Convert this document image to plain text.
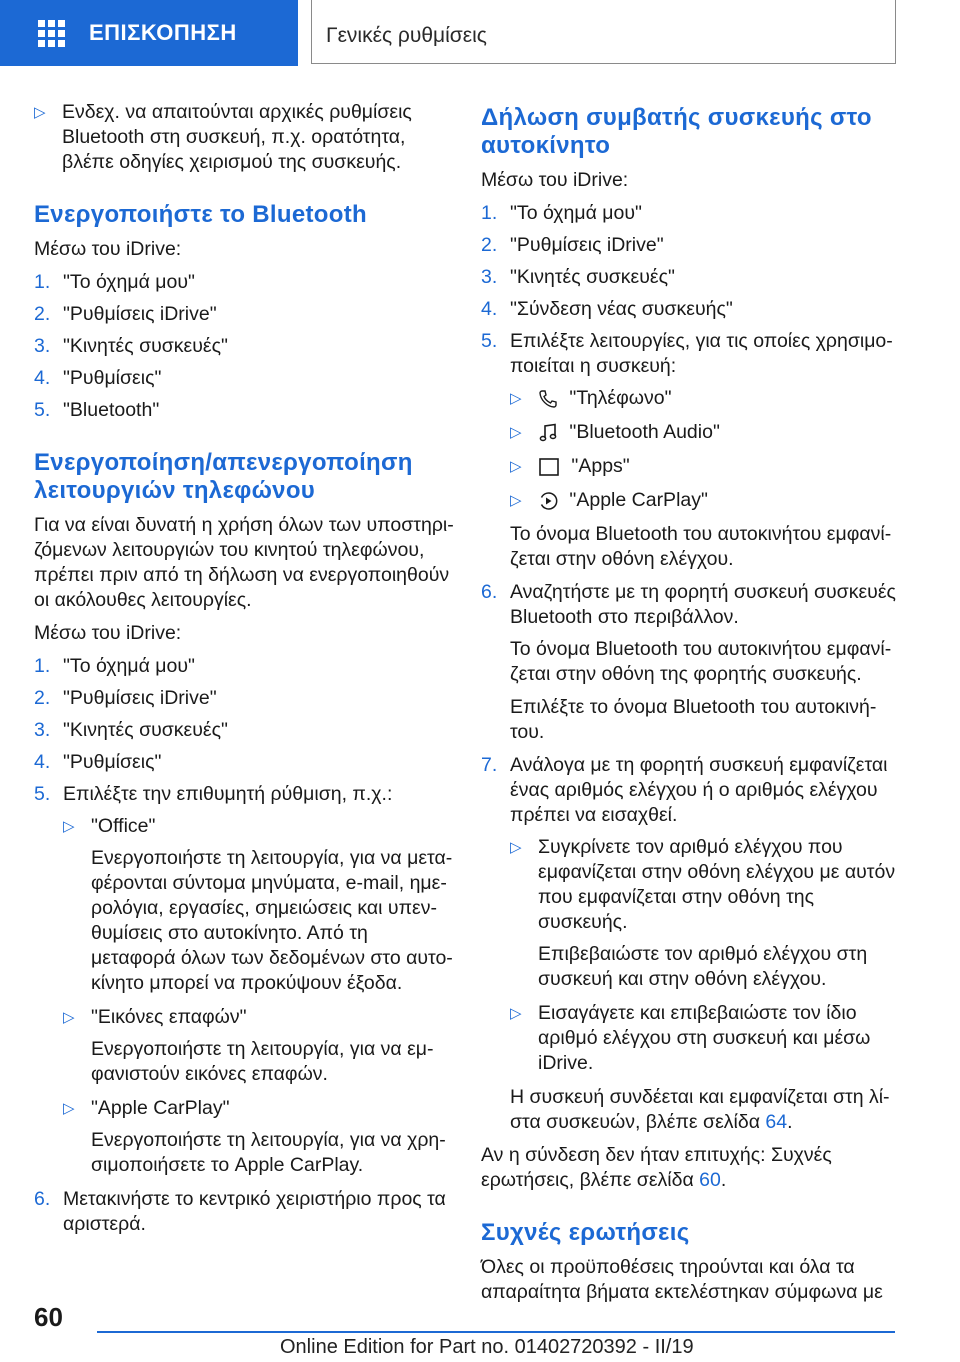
ΕΠΙΣΚΟΠΗΣΗ	Γενικές ρυθμίσεις
▷ Ενδεχ. να απαιτούνται αρχικές ρυθμίσεις Bluetooth στη συσκευή, π.χ. ορατότητα, βλέπε οδηγίες χειρισμού της συσκευής.
Ενεργοποιήστε το Bluetooth

Μέσω του iDrive:

1. "Το όχημά μου"
2. "Ρυθμίσεις iDrive"
3. "Κινητές συσκευές"
4. "Ρυθμίσεις"
5. "Bluetooth"
Ενεργοποίηση/απενεργοποίηση λειτουργιών τηλεφώνου

Για να είναι δυνατή η χρήση όλων των υποστηριζόμενων λειτουργιών του κινητού τηλεφώνου, πρέπει πριν από τη δήλωση να ενεργοποιηθούν οι ακόλουθες λειτουργίες.

Μέσω του iDrive:

1. "Το όχημά μου"
2. "Ρυθμίσεις iDrive"
3. "Κινητές συσκευές"
4. "Ρυθμίσεις"
5. Επιλέξτε την επιθυμητή ρύθμιση, π.χ.:
▷ "Office"

Ενεργοποιήστε τη λειτουργία, για να μεταφέρονται σύντομα μηνύματα, e-mail, ημερολόγια, εργασίες, σημειώσεις και υπενθυμίσεις στο αυτοκίνητο. Από τη μεταφορά όλων των δεδομένων στο αυτοκίνητο μπορεί να προκύψουν έξοδα.

▷ "Εικόνες επαφών"

Ενεργοποιήστε τη λειτουργία, για να εμφανιστούν εικόνες επαφών.

▷ "Apple CarPlay"

Ενεργοποιήστε τη λειτουργία, για να χρησιμοποιήσετε το Apple CarPlay.

6. Μετακινήστε το κεντρικό χειριστήριο προς τα αριστερά.
Δήλωση συμβατής συσκευής στο αυτοκίνητο

Μέσω του iDrive:

1. "Το όχημά μου"
2. "Ρυθμίσεις iDrive"
3. "Κινητές συσκευές"
4. "Σύνδεση νέας συσκευής"
5. Επιλέξτε λειτουργίες, για τις οποίες χρησιμοποιείται η συσκευή:
▷ "Τηλέφωνο"
▷ "Bluetooth Audio"
▷	"Apps"
▷ "Apple CarPlay"

Το όνομα Bluetooth του αυτοκινήτου εμφανίζεται στην οθόνη ελέγχου.

6. Αναζητήστε με τη φορητή συσκευή συσκευές Bluetooth στο περιβάλλον.

Το όνομα Bluetooth του αυτοκινήτου εμφανίζεται στην οθόνη της φορητής συσκευής.

Επιλέξτε το όνομα Bluetooth του αυτοκινήτου.

7. Ανάλογα με τη φορητή συσκευή εμφανίζεται ένας αριθμός ελέγχου ή ο αριθμός ελέγχου πρέπει να εισαχθεί.
▷ Συγκρίνετε τον αριθμό ελέγχου που εμφανίζεται στην οθόνη ελέγχου με αυτόν που εμφανίζεται στην οθόνη της συσκευής.

Επιβεβαιώστε τον αριθμό ελέγχου στη συσκευή και στην οθόνη ελέγχου.

▷ Εισαγάγετε και επιβεβαιώστε τον ίδιο αριθμό ελέγχου στη συσκευή και μέσω iDrive.

Η συσκευή συνδέεται και εμφανίζεται στη λίστα συσκευών, βλέπε σελίδα 64.

Αν η σύνδεση δεν ήταν επιτυχής: Συχνές ερωτήσεις, βλέπε σελίδα 60.

Συχνές ερωτήσεις

Όλες οι προϋποθέσεις τηρούνται και όλα τα απαραίτητα βήματα εκτελέστηκαν σύμφωνα με

60
Online Edition for Part no. 01402720392 - II/19
